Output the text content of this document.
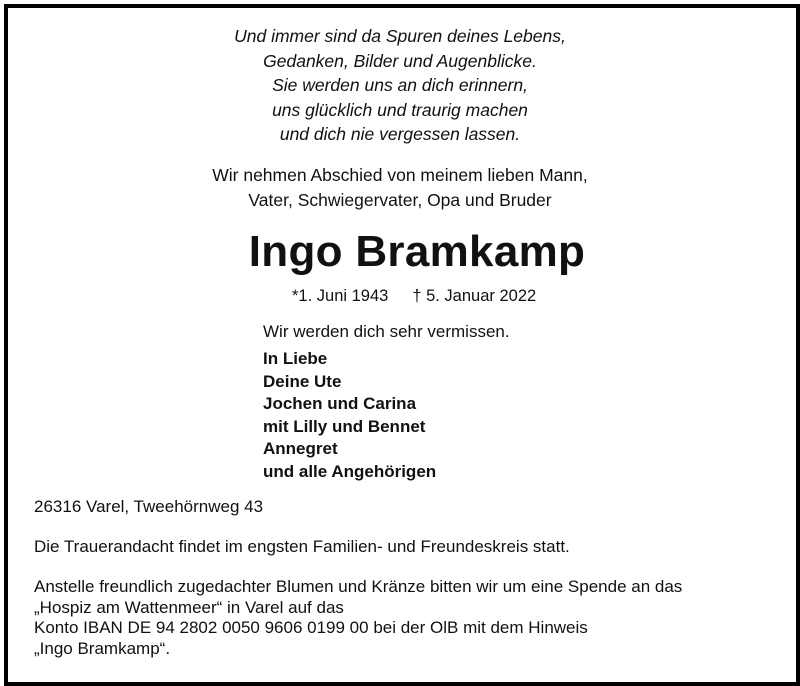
Und immer sind da Spuren deines Lebens,
Gedanken, Bilder und Augenblicke.
Sie werden uns an dich erinnern,
uns glücklich und traurig machen
und dich nie vergessen lassen.
Wir nehmen Abschied von meinem lieben Mann,
Vater, Schwiegervater, Opa und Bruder
Ingo Bramkamp
*1. Juni 1943 † 5. Januar 2022
Wir werden dich sehr vermissen.
In Liebe
Deine Ute
Jochen und Carina
mit Lilly und Bennet
Annegret
und alle Angehörigen
26316 Varel, Tweehörnweg 43
Die Trauerandacht findet im engsten Familien- und Freundeskreis statt.
Anstelle freundlich zugedachter Blumen und Kränze bitten wir um eine Spende an das
„Hospiz am Wattenmeer“ in Varel auf das
Konto IBAN DE 94 2802 0050 9606 0199 00 bei der OlB mit dem Hinweis
„Ingo Bramkamp“.
